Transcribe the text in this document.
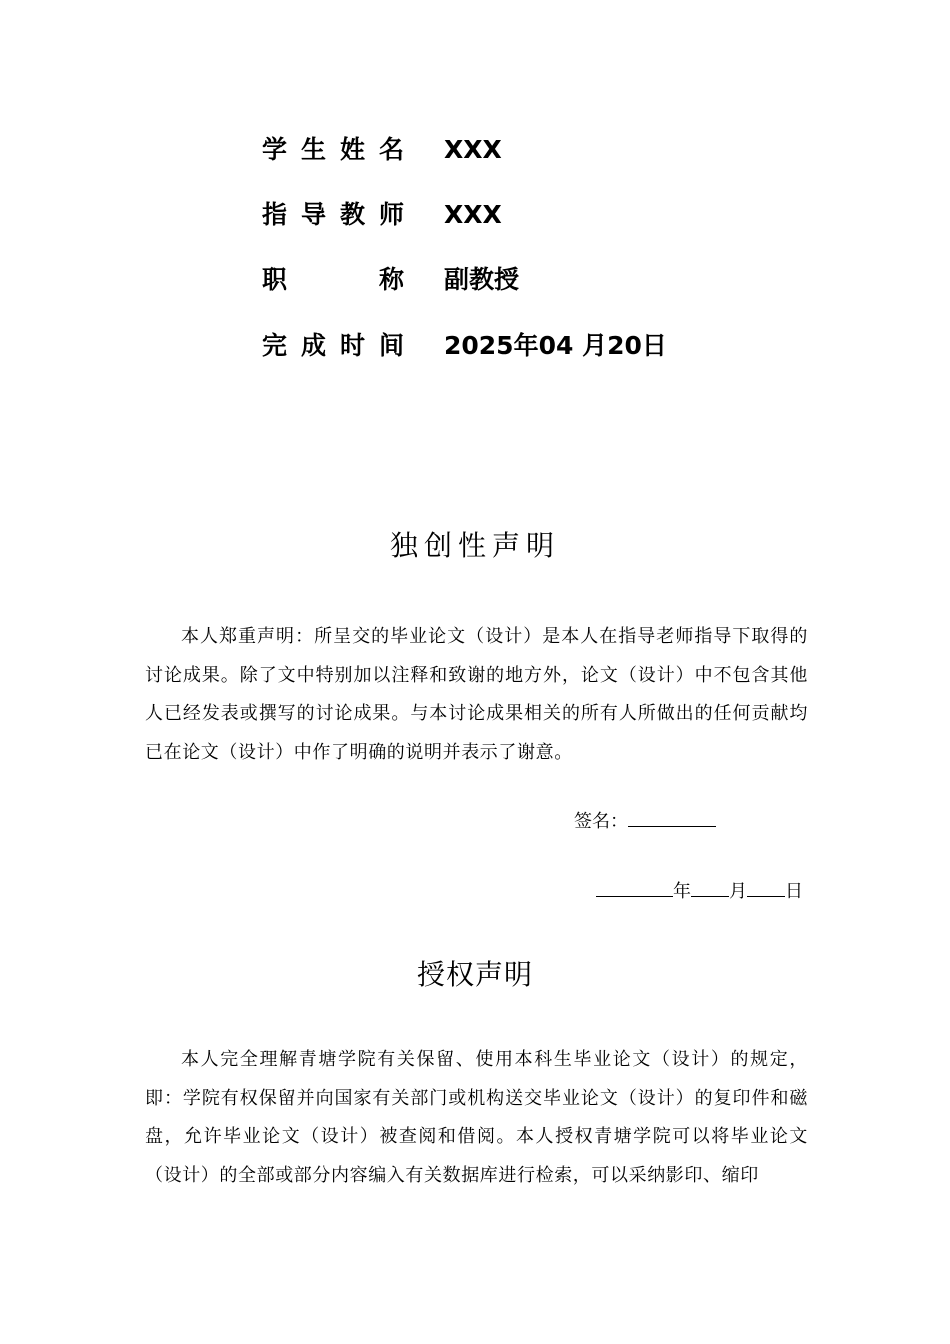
学 生 姓 名 XXX
指 导 教 师 XXX
职	称 副教授
完 成 时 间 2025年04 月20日
独创性声明

本人郑重声明：所呈交的毕业论文（设计）是本人在指导老师指导下取得的讨论成果。除了文中特别加以注释和致谢的地方外，论文（设计）中不包含其他人已经发表或撰写的讨论成果。与本讨论成果相关的所有人所做出的任何贡献均已在论文（设计）中作了明确的说明并表示了谢意。

签名：
年 月 日
授权声明

本人完全理解青塘学院有关保留、使用本科生毕业论文（设计）的规定，即：学院有权保留并向国家有关部门或机构送交毕业论文（设计）的复印件和磁盘，允许毕业论文（设计）被查阅和借阅。本人授权青塘学院可以将毕业论文（设计）的全部或部分内容编入有关数据库进行检索，可以采纳影印、缩印
